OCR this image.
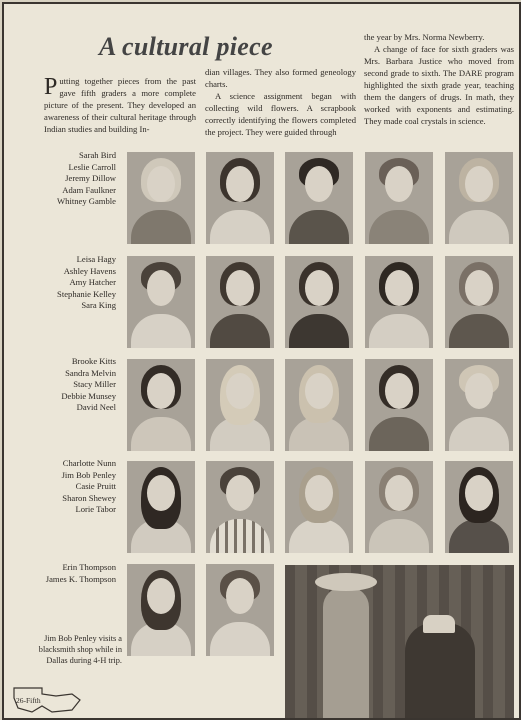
A cultural piece

Putting together pieces from the past gave fifth graders a more complete picture of the present. They developed an awareness of their cultural heritage through Indian studies and building In-

dian villages. They also formed geneology charts.

A science assignment began with collecting wild flowers. A scrapbook correctly identifying the flowers completed the project. They were guided through

the year by Mrs. Norma Newberry.

A change of face for sixth graders was Mrs. Barbara Justice who moved from second grade to sixth. The DARE program highlighted the sixth grade year, teaching them the dangers of drugs. In math, they worked with exponents and estimating. They made coal crystals in science.

Sarah Bird
Leslie Carroll
Jeremy Dillow
Adam Faulkner
Whitney Gamble
Leisa Hagy
Ashley Havens
Amy Hatcher
Stephanie Kelley
Sara King
Brooke Kitts
Sandra Melvin
Stacy Miller
Debbie Munsey
David Neel
Charlotte Nunn
Jim Bob Penley
Casie Pruitt
Sharon Shewey
Lorie Tabor
Erin Thompson
James K. Thompson
Jim Bob Penley visits a blacksmith shop while in Dallas during 4-H trip.
26-Fifth
